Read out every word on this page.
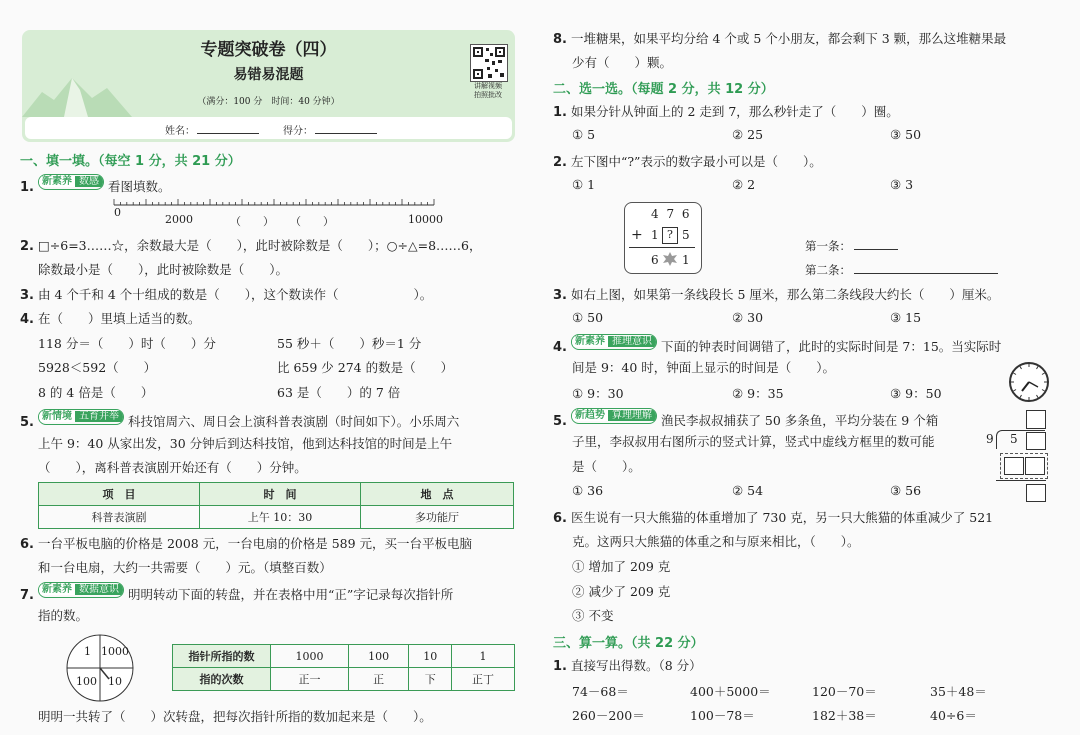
专题突破卷（四）
易错易混题
（满分：100 分　时间：40 分钟）
讲解视频
拍照批改
姓名：	得分：
一、填一填。（每空 1 分，共 21 分）
1. 新素养 数感 看图填数。
0
2000	（　　） （　　）	10000
2. □÷6=3……☆，余数最大是（　　），此时被除数是（　　）；○÷△=8……6，
除数最小是（　　），此时被除数是（　　）。
3. 由 4 个千和 4 个十组成的数是（　　），这个数读作（　　　　　　）。
4. 在（　　）里填上适当的数。
118 分＝（　　）时（　　）分	55 秒＋（　　）秒＝1 分
5928＜592（　　）	比 659 少 274 的数是（　　）
8 的 4 倍是（　　）	63 是（　　）的 7 倍
5. 新情境 五育并举 科技馆周六、周日会上演科普表演剧（时间如下）。小乐周六
上午 9：40 从家出发，30 分钟后到达科技馆，他到达科技馆的时间是上午
（　　），离科普表演剧开始还有（　　）分钟。
项　目	时　间	地　点
科普表演剧	上午 10：30	多功能厅
6. 一台平板电脑的价格是 2008 元，一台电扇的价格是 589 元，买一台平板电脑
和一台电扇，大约一共需要（　　）元。（填整百数）
7. 新素养 数据意识 明明转动下面的转盘，并在表格中用“正”字记录每次指针所
指的数。
1 1000
100 10
指针所指的数	1000	100	10	1
指的次数	正一	正	下	正丁
明明一共转了（　　）次转盘，把每次指针所指的数加起来是（　　）。
8. 一堆糖果，如果平均分给 4 个或 5 个小朋友，都会剩下 3 颗，那么这堆糖果最
少有（　　）颗。
二、选一选。（每题 2 分，共 12 分）
1. 如果分针从钟面上的 2 走到 7，那么秒针走了（　　）圈。
① 5	② 25	③ 50
2. 左下图中“?”表示的数字最小可以是（　　）。
① 1	② 2	③ 3
4 7 6
+ 1 ? 5
6 1
第一条：
第二条：
3. 如右上图，如果第一条线段长 5 厘米，那么第二条线段大约长（　　）厘米。
① 50	② 30	③ 15
4. 新素养 推理意识 下面的钟表时间调错了，此时的实际时间是 7：15。当实际时
间是 9：40 时，钟面上显示的时间是（　　）。
① 9：30	② 9：35	③ 9：50
5. 新趋势 算理理解 渔民李叔叔捕获了 50 多条鱼，平均分装在 9 个箱
子里，李叔叔用右图所示的竖式计算，竖式中虚线方框里的数可能
是（　　）。
① 36	② 54	③ 56
9 5
6. 医生说有一只大熊猫的体重增加了 730 克，另一只大熊猫的体重减少了 521
克。这两只大熊猫的体重之和与原来相比，（　　）。
① 增加了 209 克
② 减少了 209 克
③ 不变
三、算一算。（共 22 分）
1. 直接写出得数。（8 分）
74－68＝	400＋5000＝	120－70＝	35＋48＝
260－200＝	100－78＝	182＋38＝	40÷6＝
